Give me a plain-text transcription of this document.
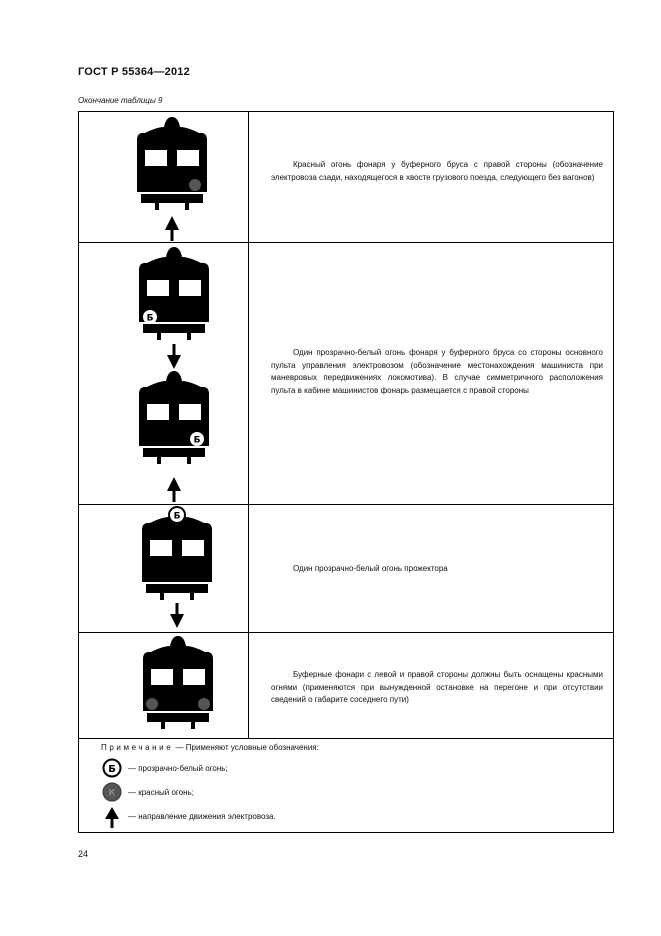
ГОСТ Р 55364—2012
Окончание таблицы 9
Красный огонь фонаря у буферного бруса с правой стороны (обозначение электровоза сзади, находящегося в хвосте грузового поезда, следующего без вагонов)
Б
Б
Один прозрачно-белый огонь фонаря у буферного бруса со стороны основного пульта управления электровозом (обозначение местонахождения машиниста при маневровых передвижениях локомотива). В случае симметричного расположения пульта в кабине машинистов фонарь размещается с правой стороны
Б
Один прозрачно-белый огонь прожектора
Буферные фонари с левой и правой стороны должны быть оснащены красными огнями (применяются при вынужденной остановке на перегоне и при отсутствии сведений о габарите соседнего пути)
Примечание — Применяют условные обозначения:
Б — прозрачно-белый огонь;
К — красный огонь;
— направление движения электровоза.
24
